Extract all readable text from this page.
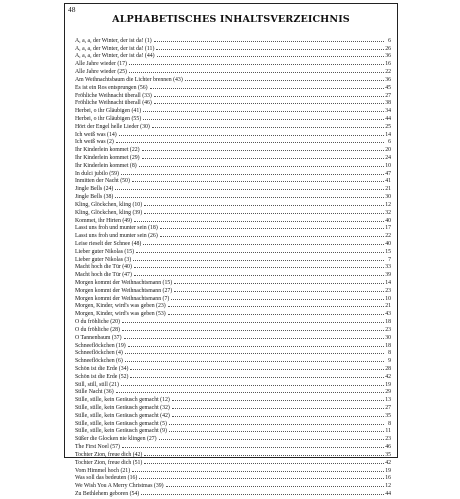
48
ALPHABETISCHES INHALTSVERZEICHNIS
A, a, a, der Winter, der ist da! (1)	6
A, a, a, der Winter, der ist da! (11)	26
A, a, a, der Winter, der ist da! (44)	36
Alle Jahre wieder (17)	16
Alle Jahre wieder (25)	22
Am Weihnachtsbaum die Lichter brennen (43)	36
Es ist ein Ros entsprungen (56)	45
Fröhliche Weihnacht überall (33)	27
Fröhliche Weihnacht überall (46)	38
Herbei, o ihr Gläubigen (41)	34
Herbei, o ihr Gläubigen (55)	44
Hört der Engel helle Lieder (30)	25
Ich weiß was (14)	14
Ich weiß was (2)	6
Ihr Kinderlein kommet (22)	20
Ihr Kinderlein kommet (29)	24
Ihr Kinderlein kommet (8)	10
In dulci jubilo (59)	47
Inmitten der Nacht (50)	41
Jingle Bells (24)	21
Jingle Bells (38)	30
Kling, Glöckchen, kling (10)	12
Kling, Glöckchen, kling (39)	32
Kommet, ihr Hirten (49)	40
Lasst uns froh und munter sein (18)	17
Lasst uns froh und munter sein (26)	22
Leise rieselt der Schnee (48)	40
Lieber guter Nikolas (15)	15
Lieber guter Nikolas (3)	7
Macht hoch die Tür (40)	33
Macht hoch die Tür (47)	39
Morgen kommt der Weihnachtsmann (15)	14
Morgen kommt der Weihnachtsmann (27)	23
Morgen kommt der Weihnachtsmann (7)	10
Morgen, Kinder, wird's was geben (23)	21
Morgen, Kinder, wird's was geben (53)	43
O du fröhliche (20)	18
O du fröhliche (28)	23
O Tannenbaum (37)	30
Schneeflöckchen (19)	18
Schneeflöckchen (4)	8
Schneeflöckchen (6)	9
Schön ist die Erde (34)	28
Schön ist die Erde (52)	42
Still, still, still (21)	19
Stille Nacht (36)	29
Stille, stille, kein Geräusch gemacht (12)	13
Stille, stille, kein Geräusch gemacht (32)	27
Stille, stille, kein Geräusch gemacht (42)	35
Stille, stille, kein Geräusch gemacht (5)	8
Stille, stille, kein Geräusch gemacht (9)	11
Süßer die Glocken nie klingen (27)	23
The First Noel (57)	46
Tochter Zion, freue dich (42)	35
Tochter Zion, freue dich (51)	42
Vom Himmel hoch (21)	19
Was soll das bedeuten (16)	16
We Wish You A Merry Christmas (39)	12
Zu Bethlehem geboren (54)	44
